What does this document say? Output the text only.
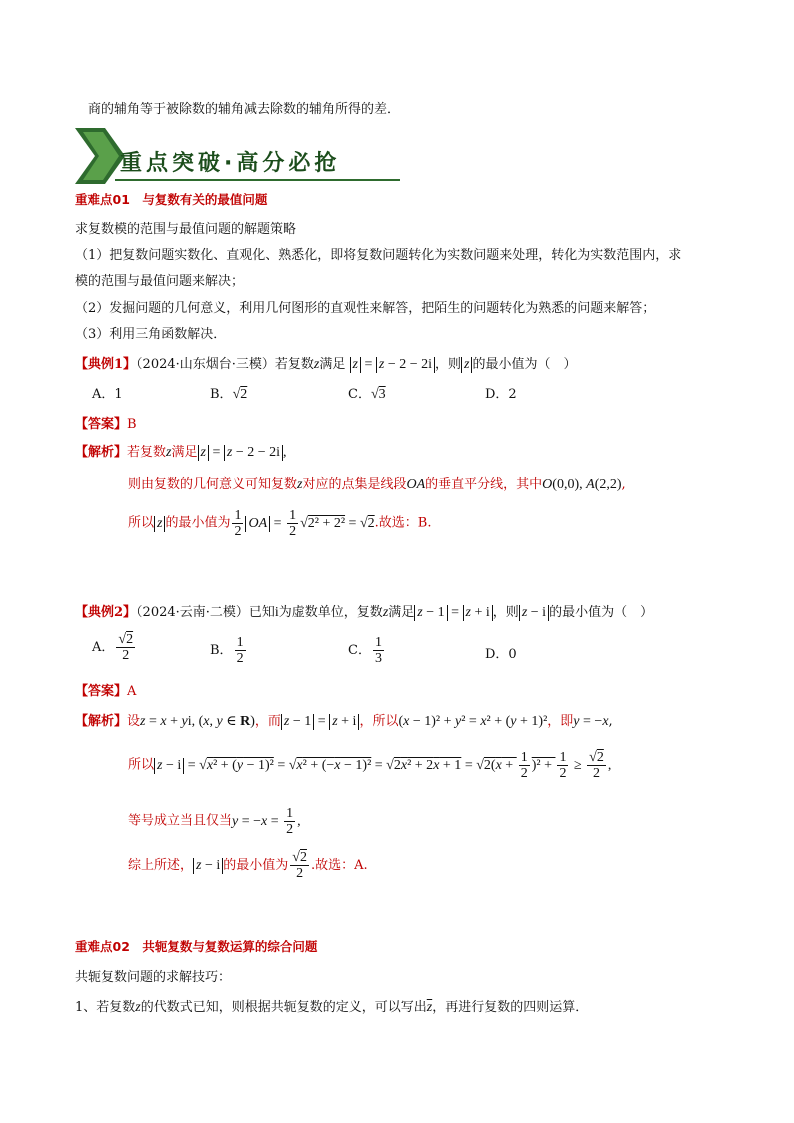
商的辅角等于被除数的辅角减去除数的辅角所得的差．
重点突破·高分必抢
重难点01　与复数有关的最值问题
求复数模的范围与最值问题的解题策略
（1）把复数问题实数化、直观化、熟悉化，即将复数问题转化为实数问题来处理，转化为实数范围内，求
模的范围与最值问题来解决；
（2）发掘问题的几何意义，利用几何图形的直观性来解答，把陌生的问题转化为熟悉的问题来解答；
（3）利用三角函数解决．
【典例1】（2024·山东烟台·三模）若复数z满足 z = z − 2 − 2i ，则 z 的最小值为（　）
A．1	B．√2	C．√3	D．2
【答案】B
【解析】若复数z满足 z = z − 2 − 2i ,
则由复数的几何意义可知复数z对应的点集是线段OA的垂直平分线，其中O(0,0), A(2,2),
所以 z 的最小值为 $\frac{1}{2}$ OA = $\frac{1}{2} √2^2 + 2^2 = √2$.故选：B.
【典例2】（2024·云南·二模）已知i为虚数单位，复数z满足 z − 1 = z + i ，则 z − i 的最小值为（　）
A． $\frac{√2}{2}$	B． $\frac{1}{2}$	C． $\frac{1}{3}$	D．0
【答案】A
【解析】设z = x + yi, (x, y ∈ R)，而 z − 1 = z + i ，所以(x − 1)² + y² = x² + (y + 1)²，即y = −x,
所以 $z - i = √x^2 + (y - 1)^2 = √x^2 + (-x - 1)^2 = √2x^2 + 2x + 1 = √2(x + \frac{1}{2} )^2 + \frac{1}{2} \ge \frac{√2}{2}$ ,
等号成立当且仅当$y = -x = \frac{1}{2}$ ,
综上所述， z − i 的最小值为 $\frac{√2}{2}$ .故选：A.
重难点02　共轭复数与复数运算的综合问题
共轭复数问题的求解技巧：
1、若复数z的代数式已知，则根据共轭复数的定义，可以写出$\overline{z}$，再进行复数的四则运算．
